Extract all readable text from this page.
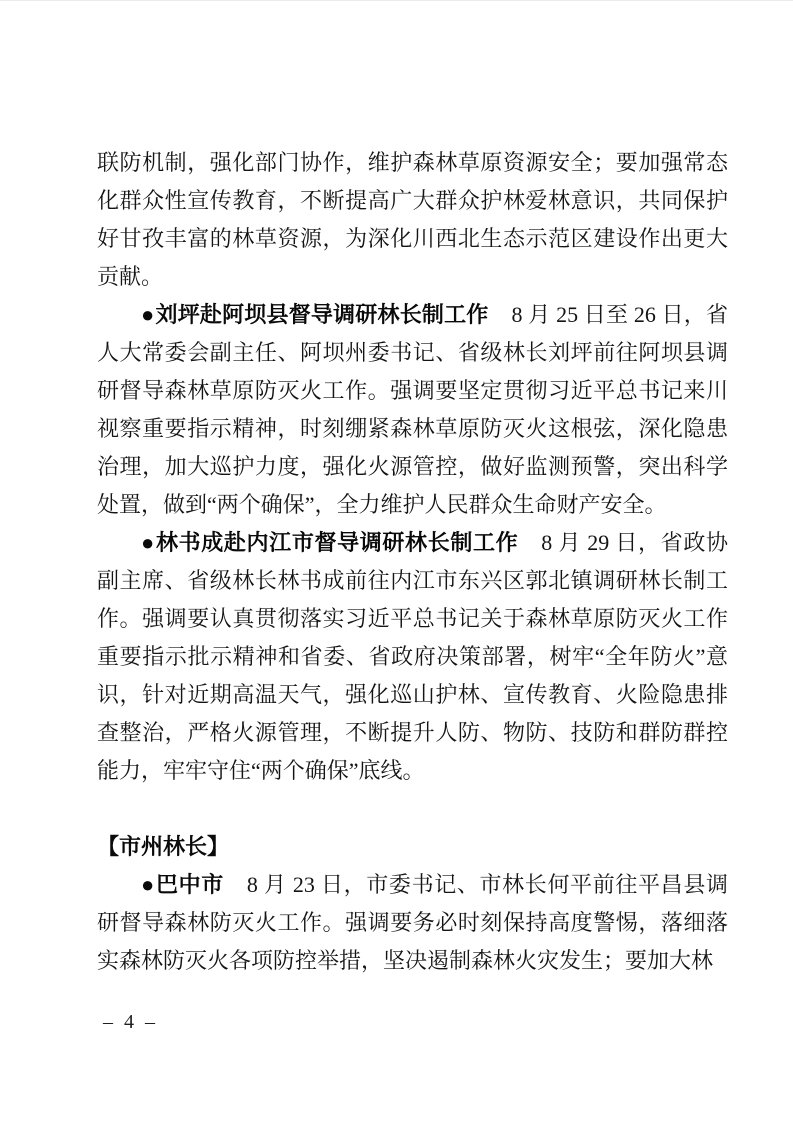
联防机制，强化部门协作，维护森林草原资源安全；要加强常态化群众性宣传教育，不断提高广大群众护林爱林意识，共同保护好甘孜丰富的林草资源，为深化川西北生态示范区建设作出更大贡献。

●刘坪赴阿坝县督导调研林长制工作 8 月 25 日至 26 日，省人大常委会副主任、阿坝州委书记、省级林长刘坪前往阿坝县调研督导森林草原防灭火工作。强调要坚定贯彻习近平总书记来川视察重要指示精神，时刻绷紧森林草原防灭火这根弦，深化隐患治理，加大巡护力度，强化火源管控，做好监测预警，突出科学处置，做到“两个确保”，全力维护人民群众生命财产安全。

●林书成赴内江市督导调研林长制工作 8 月 29 日，省政协副主席、省级林长林书成前往内江市东兴区郭北镇调研林长制工作。强调要认真贯彻落实习近平总书记关于森林草原防灭火工作重要指示批示精神和省委、省政府决策部署，树牢“全年防火”意识，针对近期高温天气，强化巡山护林、宣传教育、火险隐患排查整治，严格火源管理，不断提升人防、物防、技防和群防群控能力，牢牢守住“两个确保”底线。

【市州林长】

●巴中市 8 月 23 日，市委书记、市林长何平前往平昌县调研督导森林防灭火工作。强调要务必时刻保持高度警惕，落细落实森林防灭火各项防控举措，坚决遏制森林火灾发生；要加大林

– 4 –
